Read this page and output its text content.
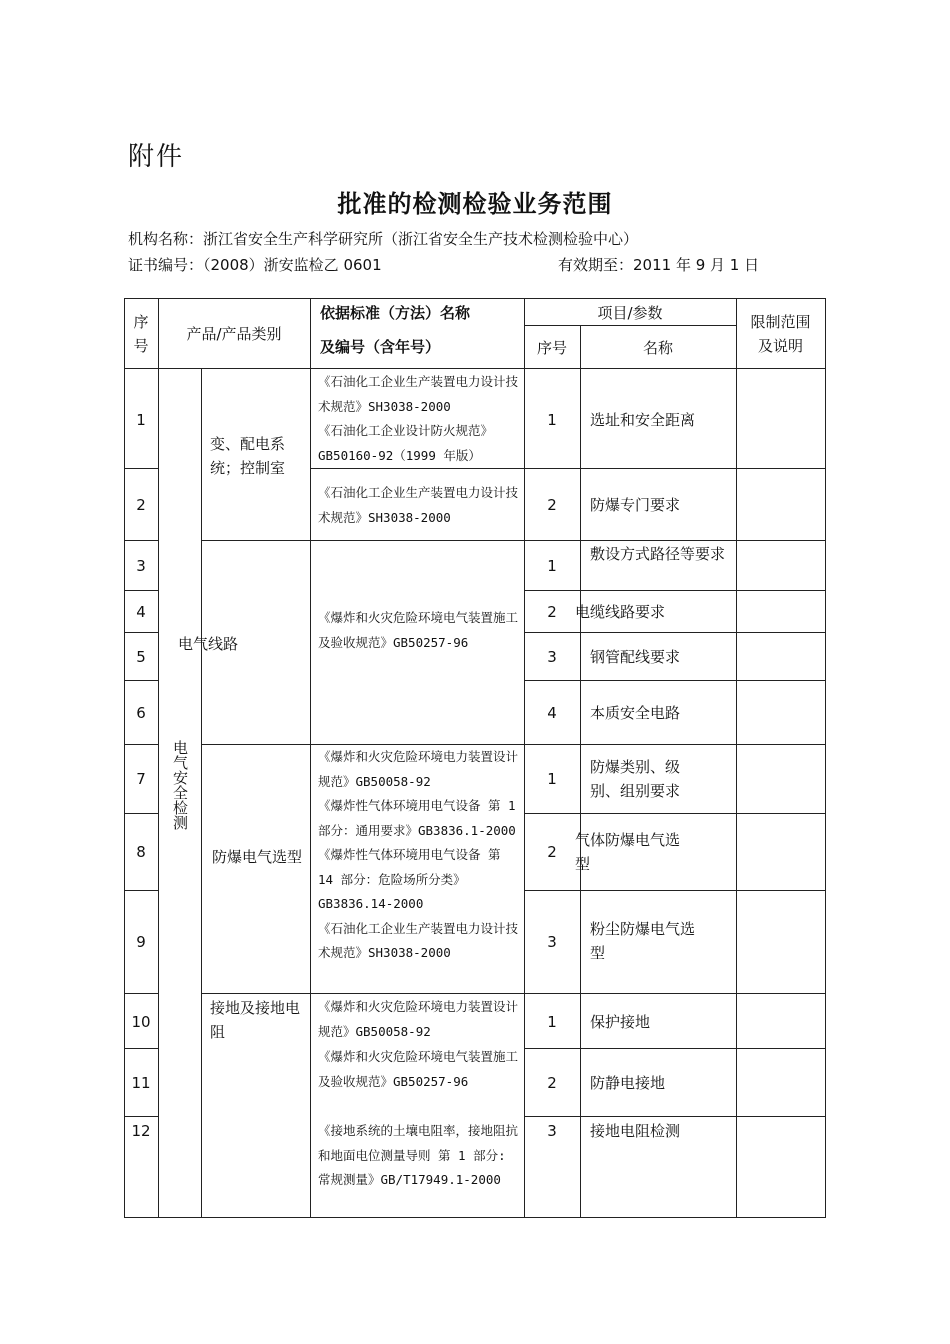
附件
批准的检测检验业务范围
机构名称：浙江省安全生产科学研究所（浙江省安全生产技术检测检验中心）
证书编号：（2008）浙安监检乙 0601	有效期至：2011 年 9 月 1 日
序
号
产品/产品类别
依据标准（方法）名称
及编号（含年号）
项目/参数
序号	名称
限制范围
及说明
电气安全检测
变、配电系统；控制室
电气线路
防爆电气选型
接地及接地电阻
《石油化工企业生产装置电力设计技术规范》SH3038-2000
《石油化工企业设计防火规范》GB50160-92（1999 年版）
《石油化工企业生产装置电力设计技术规范》SH3038-2000
《爆炸和火灾危险环境电气装置施工及验收规范》GB50257-96
《爆炸和火灾危险环境电力装置设计规范》GB50058-92
《爆炸性气体环境用电气设备 第 1 部分：通用要求》GB3836.1-2000
《爆炸性气体环境用电气设备 第 14 部分：危险场所分类》GB3836.14-2000
《石油化工企业生产装置电力设计技术规范》SH3038-2000
《爆炸和火灾危险环境电力装置设计规范》GB50058-92
《爆炸和火灾危险环境电气装置施工及验收规范》GB50257-96
《接地系统的土壤电阻率，接地阻抗和地面电位测量导则 第 1 部分:常规测量》GB/T17949.1-2000
1
2
3
4
5
6
7
8
9
10
11
12
1
2
1
2
3
4
1
2
3
1
2
3
选址和安全距离
防爆专门要求
敷设方式路径等要求
电缆线路要求
钢管配线要求
本质安全电路
防爆类别、级别、组别要求
气体防爆电气选型
粉尘防爆电气选型
保护接地
防静电接地
接地电阻检测
